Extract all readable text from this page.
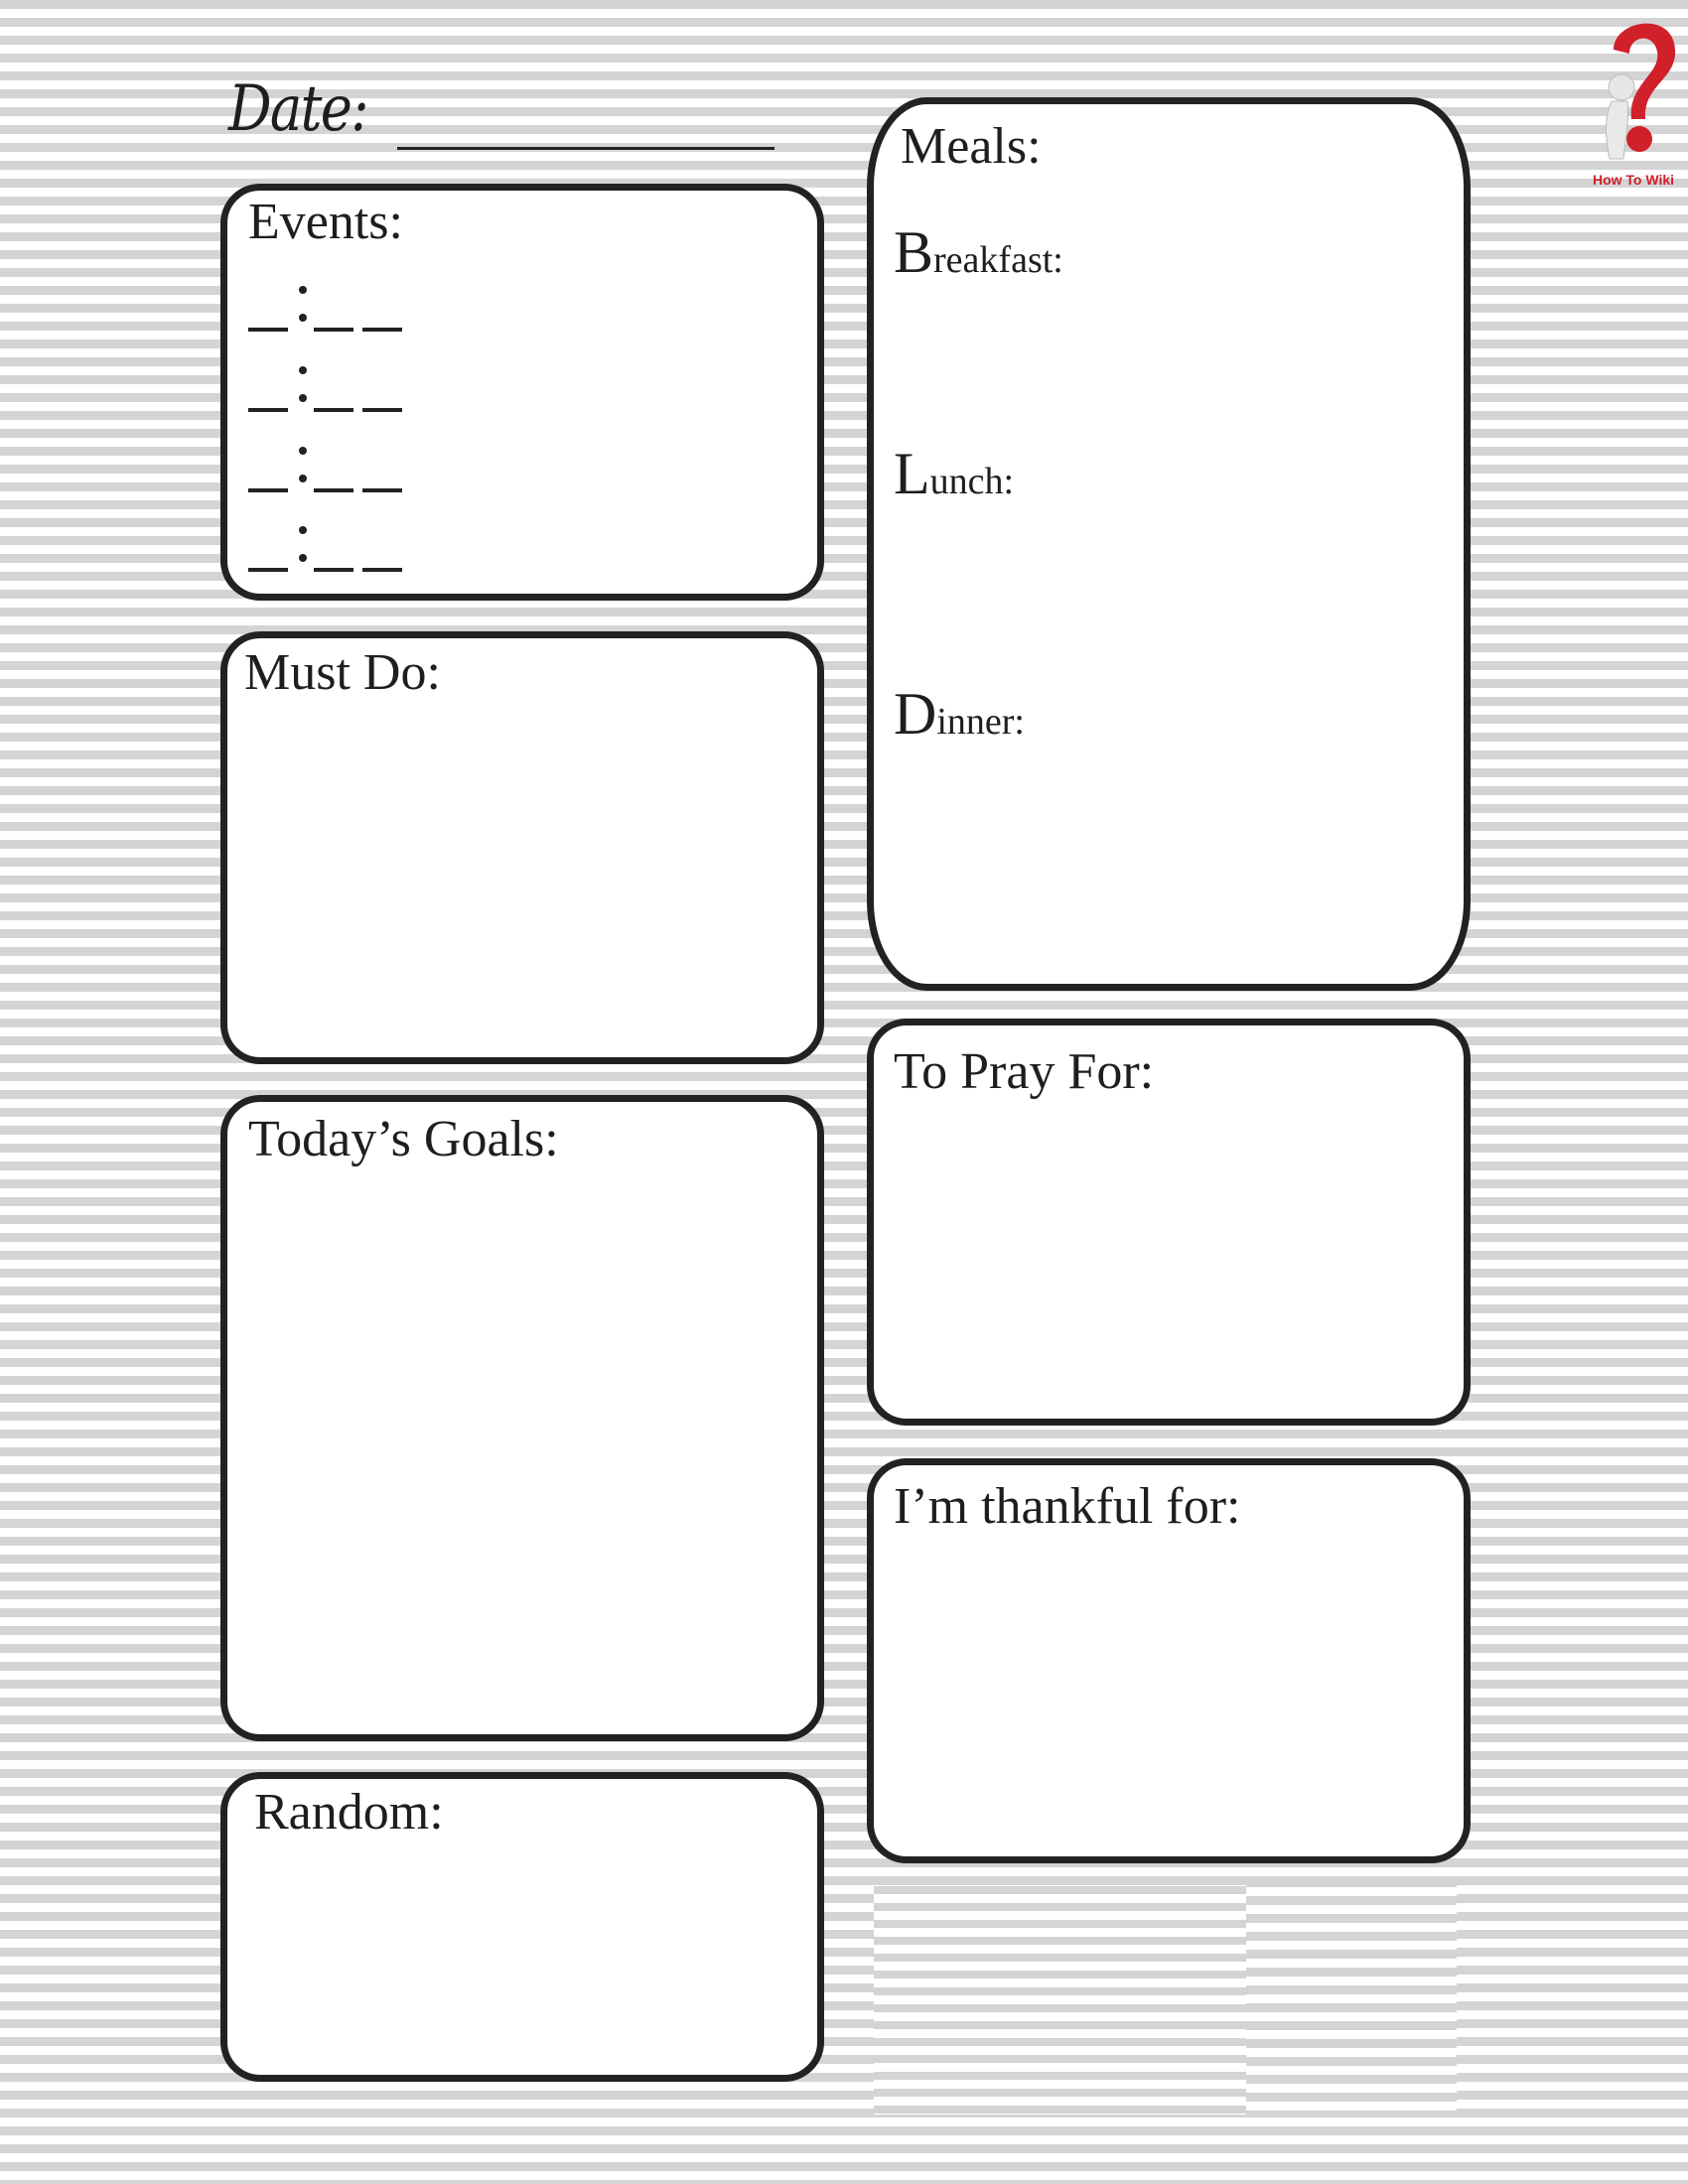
Date:
How To Wiki
Events:
Must Do:
Today’s Goals:
Random:
Meals:
Breakfast:
Lunch:
Dinner:
To Pray For:
I’m thankful for:
